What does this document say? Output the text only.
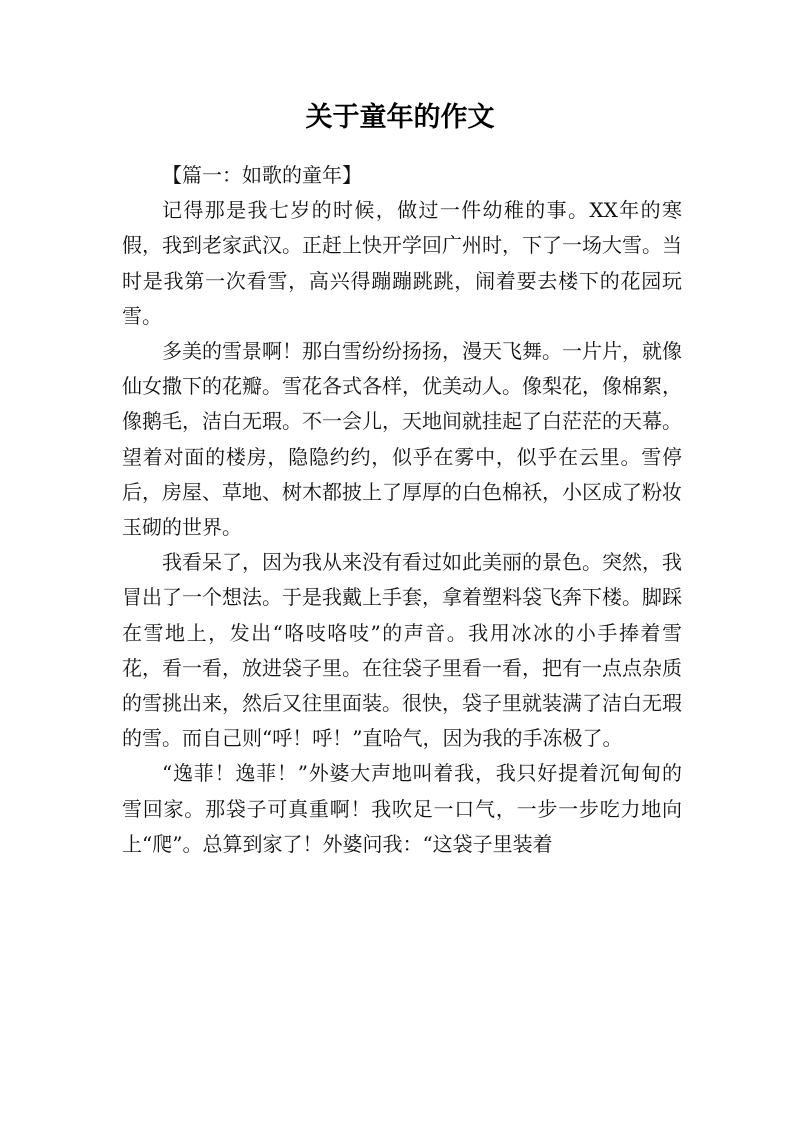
关于童年的作文

【篇一：如歌的童年】

记得那是我七岁的时候，做过一件幼稚的事。XX年的寒假，我到老家武汉。正赶上快开学回广州时，下了一场大雪。当时是我第一次看雪，高兴得蹦蹦跳跳，闹着要去楼下的花园玩雪。

多美的雪景啊！那白雪纷纷扬扬，漫天飞舞。一片片，就像仙女撒下的花瓣。雪花各式各样，优美动人。像梨花，像棉絮，像鹅毛，洁白无瑕。不一会儿，天地间就挂起了白茫茫的天幕。望着对面的楼房，隐隐约约，似乎在雾中，似乎在云里。雪停后，房屋、草地、树木都披上了厚厚的白色棉袄，小区成了粉妆玉砌的世界。

我看呆了，因为我从来没有看过如此美丽的景色。突然，我冒出了一个想法。于是我戴上手套，拿着塑料袋飞奔下楼。脚踩在雪地上，发出“咯吱咯吱”的声音。我用冰冰的小手捧着雪花，看一看，放进袋子里。在往袋子里看一看，把有一点点杂质的雪挑出来，然后又往里面装。很快，袋子里就装满了洁白无瑕的雪。而自己则“呼！呼！”直哈气，因为我的手冻极了。

“逸菲！逸菲！”外婆大声地叫着我，我只好提着沉甸甸的雪回家。那袋子可真重啊！我吹足一口气，一步一步吃力地向上“爬”。总算到家了！外婆问我：“这袋子里装着
